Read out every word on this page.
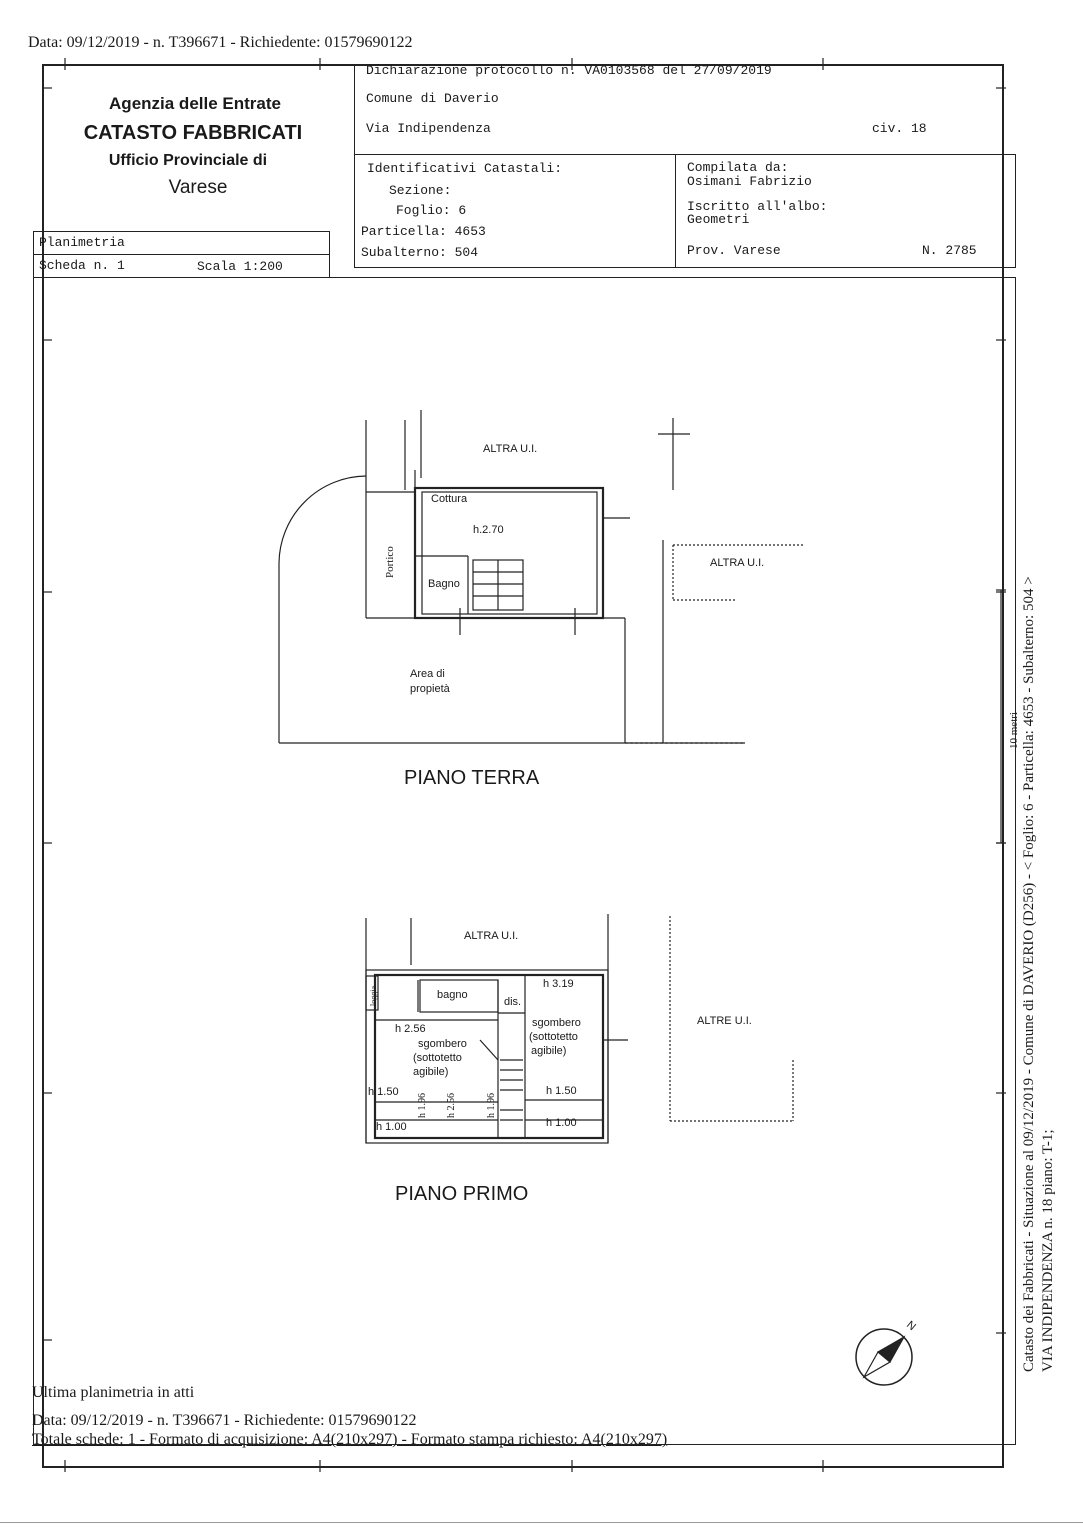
Data: 09/12/2019 - n. T396671 - Richiedente: 01579690122
Agenzia delle Entrate
CATASTO FABBRICATI
Ufficio Provinciale di
Varese
Dichiarazione protocollo n. VA0103568 del 27/09/2019
Comune di Daverio
Via Indipendenza	civ. 18
Identificativi Catastali:
Sezione:
Foglio: 6
Particella: 4653
Subalterno: 504
Compilata da:
Osimani Fabrizio
Iscritto all'albo:
Geometri
Prov. Varese	N. 2785
Planimetria
Scheda n. 1	Scala 1:200
ALTRA U.I.
ALTRA U.I.
Cottura
h.2.70
Portico
Bagno
Area di
propietà
PIANO TERRA
ALTRA U.I.
ALTRE U.I.
loggia	bagno
dis.
h 3.19
h 2.56
sgombero
(sottotetto
agibile)
sgombero
(sottotetto
agibile)
h 1.50
h 1.00
h 1.96 h 2.56	h 1.96
h 1.50
h 1.00
PIANO PRIMO
N	Catasto dei Fabbricati - Situazione al 09/12/2019 - Comune di DAVERIO (D256) - < Foglio: 6 - Particella: 4653 - Subalterno: 504 > VIA INDIPENDENZA n. 18 piano: T-1;
10 metri
Ultima planimetria in atti
Data: 09/12/2019 - n. T396671 - Richiedente: 01579690122
Totale schede: 1 - Formato di acquisizione: A4(210x297) - Formato stampa richiesto: A4(210x297)
